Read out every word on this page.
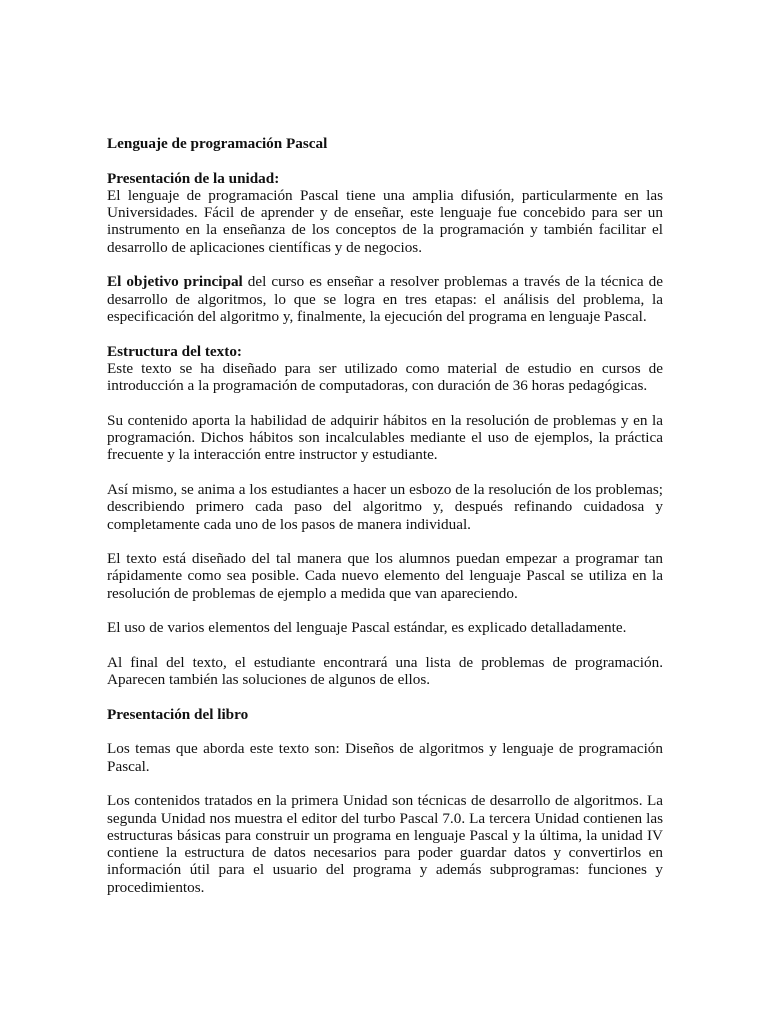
Lenguaje de programación Pascal
Presentación de la unidad:

El lenguaje de programación Pascal tiene una amplia difusión, particularmente en las Universidades. Fácil de aprender y de enseñar, este lenguaje fue concebido para ser un instrumento en la enseñanza de los conceptos de la programación y también facilitar el desarrollo de aplicaciones científicas y de negocios.

El objetivo principal del curso es enseñar a resolver problemas a través de la técnica de desarrollo de algoritmos, lo que se logra en tres etapas: el análisis del problema, la especificación del algoritmo y, finalmente, la ejecución del programa en lenguaje Pascal.

Estructura del texto:

Este texto se ha diseñado para ser utilizado como material de estudio en cursos de introducción a la programación de computadoras, con duración de 36 horas pedagógicas.

Su contenido aporta la habilidad de adquirir hábitos en la resolución de problemas y en la programación. Dichos hábitos son incalculables mediante el uso de ejemplos, la práctica frecuente y la interacción entre instructor y estudiante.

Así mismo, se anima a los estudiantes a hacer un esbozo de la resolución de los problemas; describiendo primero cada paso del algoritmo y, después refinando cuidadosa y completamente cada uno de los pasos de manera individual.

El texto está diseñado del tal manera que los alumnos puedan empezar a programar tan rápidamente como sea posible. Cada nuevo elemento del lenguaje Pascal se utiliza en la resolución de problemas de ejemplo a medida que van apareciendo.

El uso de varios elementos del lenguaje Pascal estándar, es explicado detalladamente.

Al final del texto, el estudiante encontrará una lista de problemas de programación. Aparecen también las soluciones de algunos de ellos.

Presentación del libro

Los temas que aborda este texto son: Diseños de algoritmos y lenguaje de programación Pascal.

Los contenidos tratados en la primera Unidad son técnicas de desarrollo de algoritmos. La segunda Unidad nos muestra el editor del turbo Pascal 7.0. La tercera Unidad contienen las estructuras básicas para construir un programa en lenguaje Pascal y la última, la unidad IV contiene la estructura de datos necesarios para poder guardar datos y convertirlos en información útil para el usuario del programa y además subprogramas: funciones y procedimientos.
